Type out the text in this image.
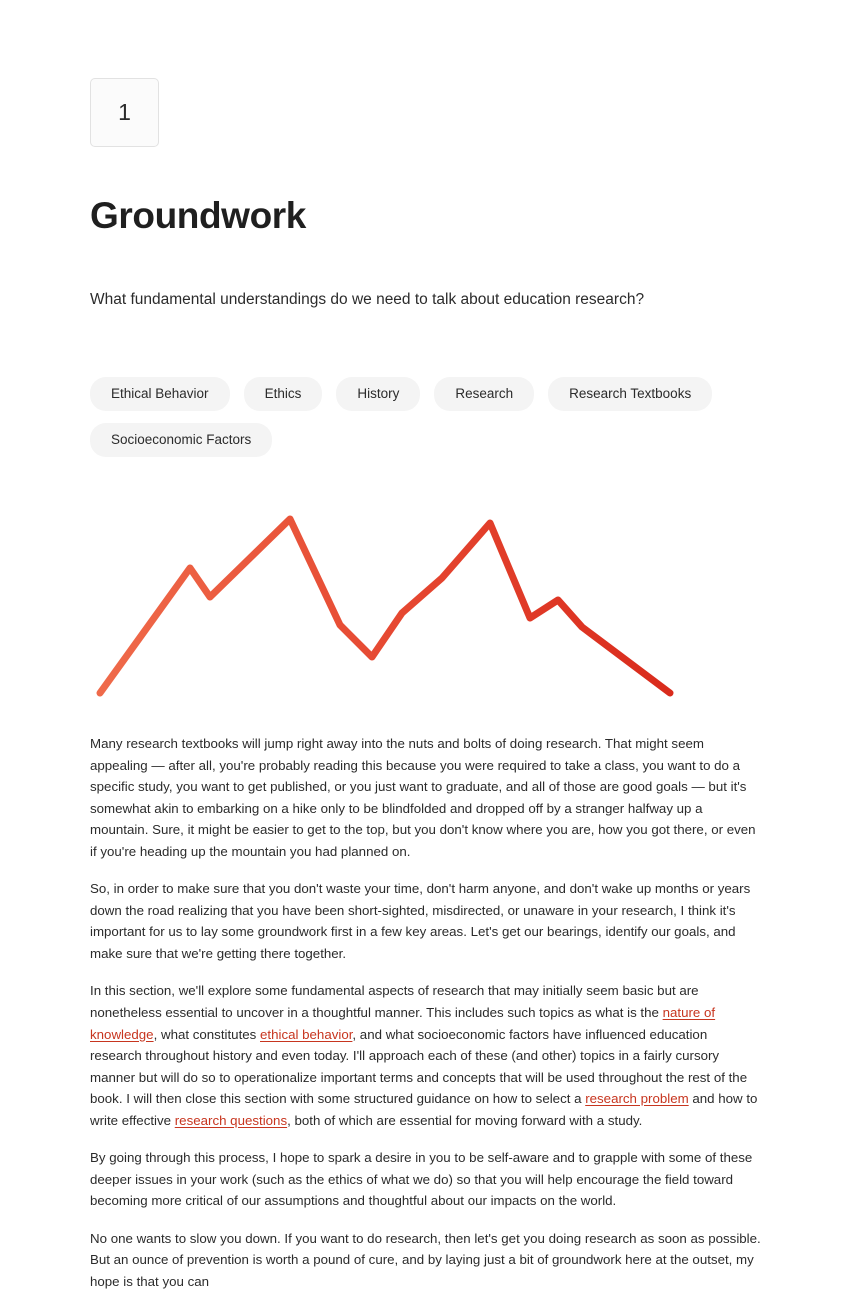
1
Groundwork
What fundamental understandings do we need to talk about education research?
Ethical Behavior	Ethics	History	Research	Research Textbooks
Socioeconomic Factors

Many research textbooks will jump right away into the nuts and bolts of doing research. That might seem appealing — after all, you're probably reading this because you were required to take a class, you want to do a specific study, you want to get published, or you just want to graduate, and all of those are good goals — but it's somewhat akin to embarking on a hike only to be blindfolded and dropped off by a stranger halfway up a mountain. Sure, it might be easier to get to the top, but you don't know where you are, how you got there, or even if you're heading up the mountain you had planned on.

So, in order to make sure that you don't waste your time, don't harm anyone, and don't wake up months or years down the road realizing that you have been short-sighted, misdirected, or unaware in your research, I think it's important for us to lay some groundwork first in a few key areas. Let's get our bearings, identify our goals, and make sure that we're getting there together.

In this section, we'll explore some fundamental aspects of research that may initially seem basic but are nonetheless essential to uncover in a thoughtful manner. This includes such topics as what is the nature of knowledge, what constitutes ethical behavior, and what socioeconomic factors have influenced education research throughout history and even today. I'll approach each of these (and other) topics in a fairly cursory manner but will do so to operationalize important terms and concepts that will be used throughout the rest of the book. I will then close this section with some structured guidance on how to select a research problem and how to write effective research questions, both of which are essential for moving forward with a study.

By going through this process, I hope to spark a desire in you to be self-aware and to grapple with some of these deeper issues in your work (such as the ethics of what we do) so that you will help encourage the field toward becoming more critical of our assumptions and thoughtful about our impacts on the world.

No one wants to slow you down. If you want to do research, then let's get you doing research as soon as possible. But an ounce of prevention is worth a pound of cure, and by laying just a bit of groundwork here at the outset, my hope is that you can
